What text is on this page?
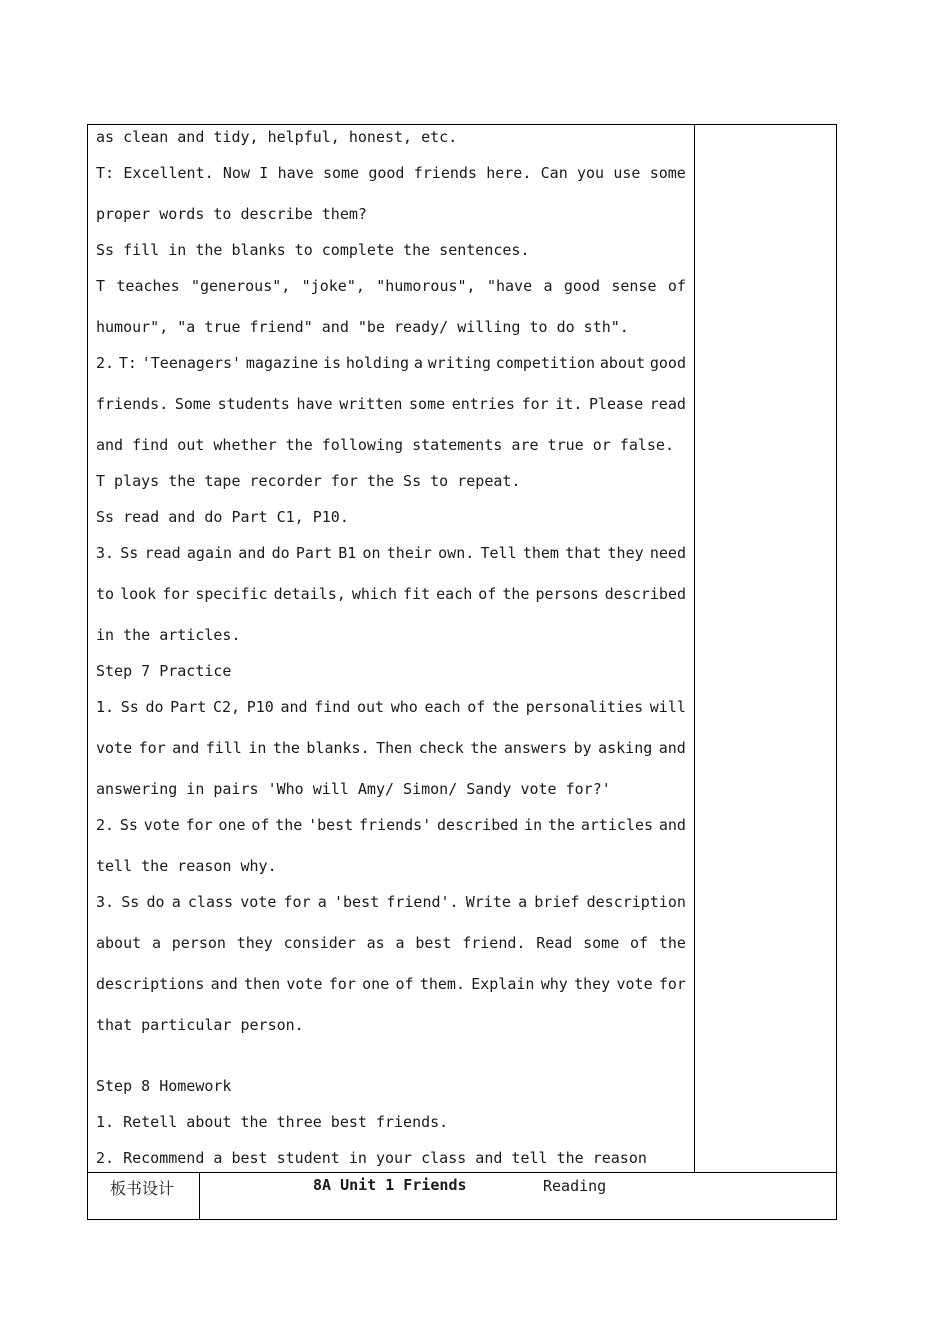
as clean and tidy, helpful, honest, etc.
T: Excellent. Now I have some good friends here. Can you use some
proper words to describe them?
Ss fill in the blanks to complete the sentences.
T teaches "generous", "joke", "humorous", "have a good sense of
humour", "a true friend" and "be ready/ willing to do sth".
2. T: 'Teenagers' magazine is holding a writing competition about good
friends. Some students have written some entries for it. Please read
and find out whether the following statements are true or false.
T plays the tape recorder for the Ss to repeat.
Ss read and do Part C1, P10.
3. Ss read again and do Part B1 on their own. Tell them that they need
to look for specific details, which fit each of the persons described
in the articles.
Step 7 Practice
1. Ss do Part C2, P10 and find out who each of the personalities will
vote for and fill in the blanks. Then check the answers by asking and
answering in pairs 'Who will Amy/ Simon/ Sandy vote for?'
2. Ss vote for one of the 'best friends' described in the articles and
tell the reason why.
3. Ss do a class vote for a 'best friend'. Write a brief description
about a person they consider as a best friend. Read some of the
descriptions and then vote for one of them. Explain why they vote for
that particular person.
Step 8 Homework
1. Retell about the three best friends.
2. Recommend a best student in your class and tell the reason
板书设计	8A Unit 1 Friends	Reading
